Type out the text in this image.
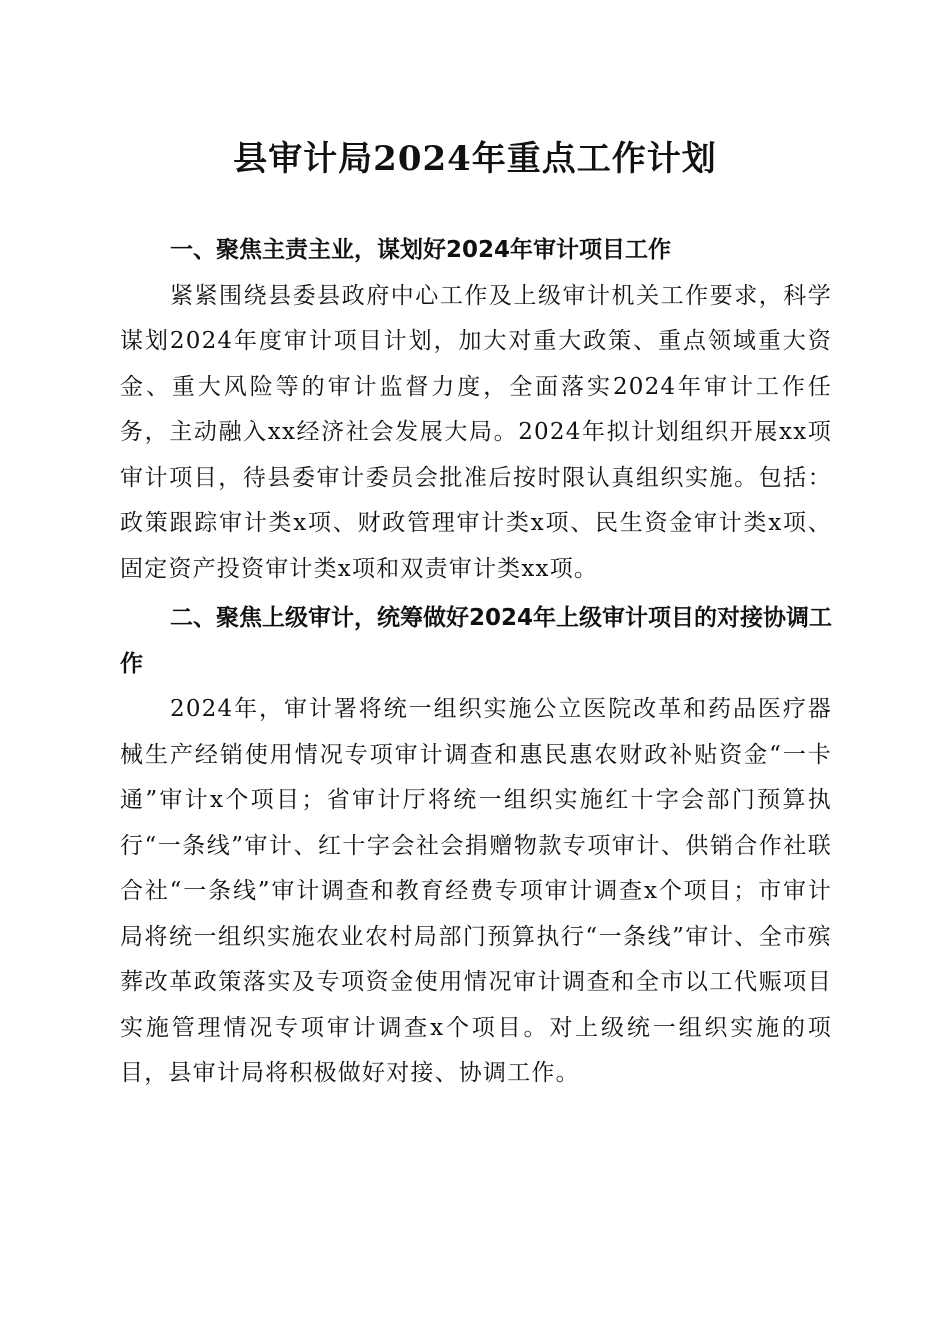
县审计局2024年重点工作计划

一、聚焦主责主业，谋划好2024年审计项目工作

紧紧围绕县委县政府中心工作及上级审计机关工作要求，科学谋划2024年度审计项目计划，加大对重大政策、重点领域重大资金、重大风险等的审计监督力度，全面落实2024年审计工作任务，主动融入xx经济社会发展大局。2024年拟计划组织开展xx项审计项目，待县委审计委员会批准后按时限认真组织实施。包括：政策跟踪审计类x项、财政管理审计类x项、民生资金审计类x项、固定资产投资审计类x项和双责审计类xx项。

二、聚焦上级审计，统筹做好2024年上级审计项目的对接协调工作

2024年，审计署将统一组织实施公立医院改革和药品医疗器械生产经销使用情况专项审计调查和惠民惠农财政补贴资金“一卡通”审计x个项目；省审计厅将统一组织实施红十字会部门预算执行“一条线”审计、红十字会社会捐赠物款专项审计、供销合作社联合社“一条线”审计调查和教育经费专项审计调查x个项目；市审计局将统一组织实施农业农村局部门预算执行“一条线”审计、全市殡葬改革政策落实及专项资金使用情况审计调查和全市以工代赈项目实施管理情况专项审计调查x个项目。对上级统一组织实施的项目，县审计局将积极做好对接、协调工作。
